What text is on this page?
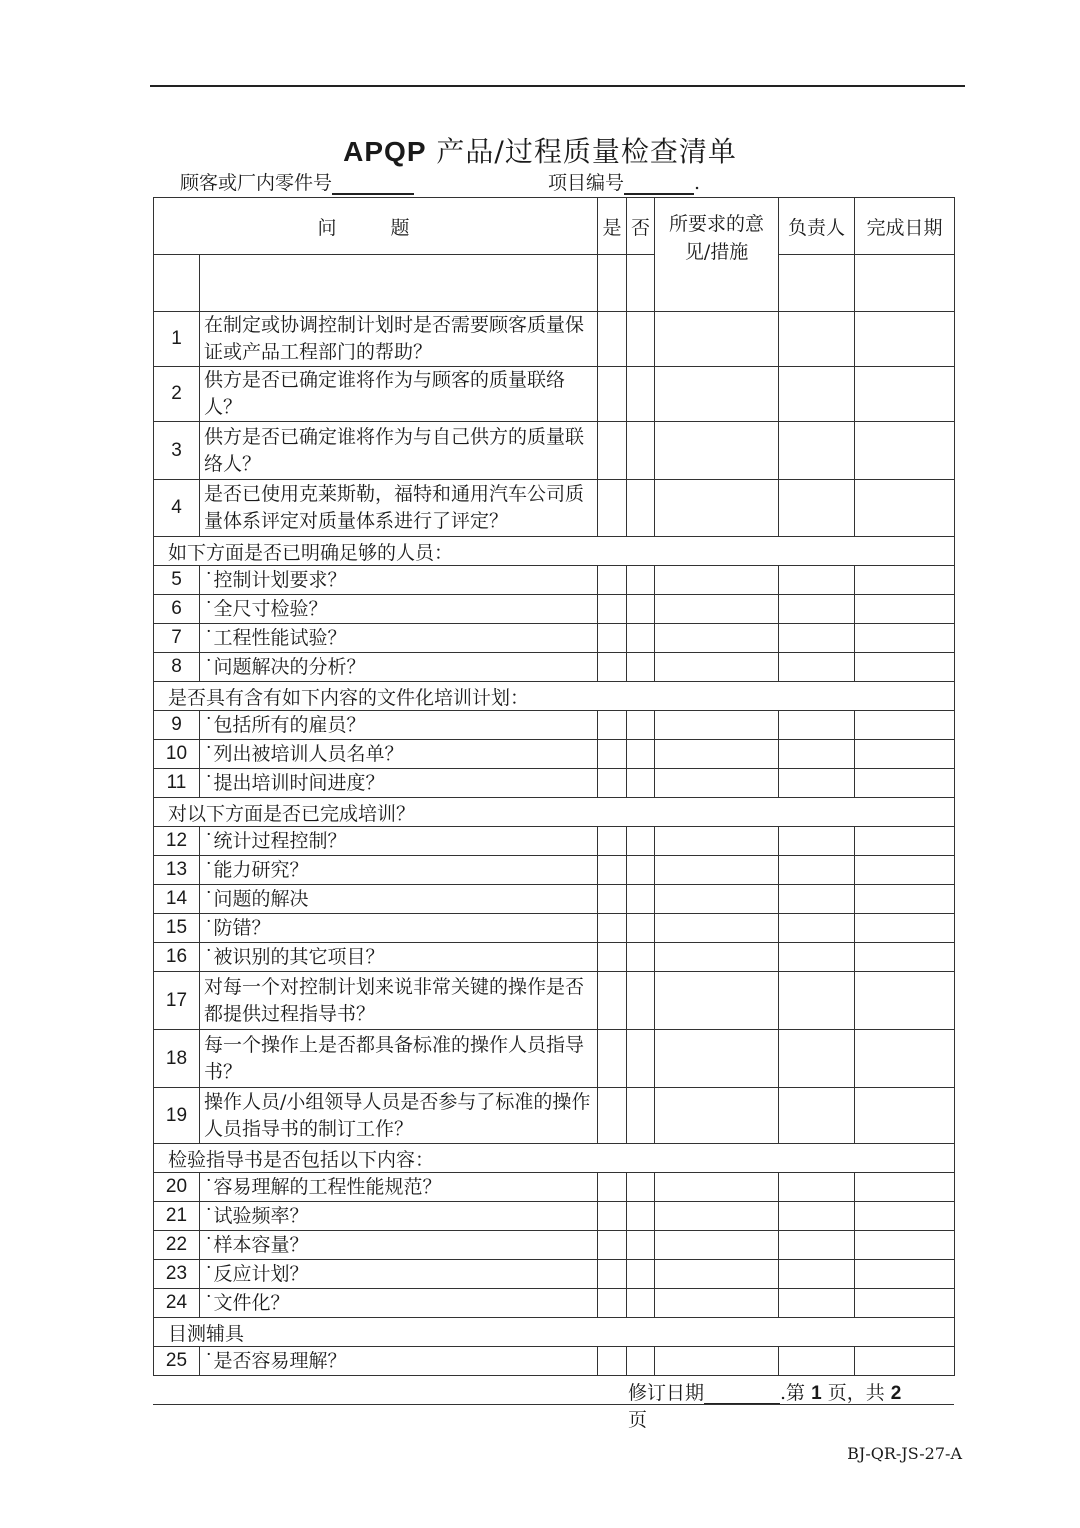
APQP 产品/过程质量检查清单
顾客或厂内零件号	项目编号	.
问 题		是	否	所要求的意 见/措施	负责人	完成日期

1	在制定或协调控制计划时是否需要顾客质量保证或产品工程部门的帮助？					
2	供方是否已确定谁将作为与顾客的质量联络人？					
3	供方是否已确定谁将作为与自己供方的质量联络人？					
4	是否已使用克莱斯勒，福特和通用汽车公司质量体系评定对质量体系进行了评定？					
如下方面是否已明确足够的人员：						
5	˙控制计划要求？					
6	˙全尺寸检验？					
7	˙工程性能试验？					
8	˙问题解决的分析？					
是否具有含有如下内容的文件化培训计划：						
9	˙包括所有的雇员？					
10	˙列出被培训人员名单？					
11	˙提出培训时间进度？					
对以下方面是否已完成培训？						
12	˙统计过程控制？					
13	˙能力研究？					
14	˙问题的解决					
15	˙防错？					
16	˙被识别的其它项目？					
17	对每一个对控制计划来说非常关键的操作是否都提供过程指导书？					
18	每一个操作上是否都具备标准的操作人员指导书？					
19	操作人员/小组领导人员是否参与了标准的操作人员指导书的制订工作？					
检验指导书是否包括以下内容：						
20	˙容易理解的工程性能规范？					
21	˙试验频率？					
22	˙样本容量？					
23	˙反应计划？					
24	˙文件化？					
目测辅具						
25	˙是否容易理解？					
修订日期	.第 1 页，共 2
页
BJ-QR-JS-27-A
